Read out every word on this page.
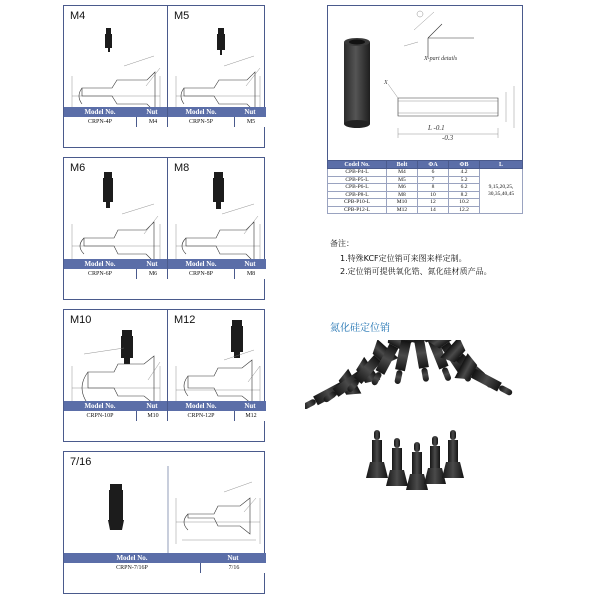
M4
Model No.	Nut
CRPN-4P	M4
M5
Model No.	Nut
CRPN-5P	M5
M6
Model No.	Nut
CRPN-6P	M6
M8
Model No.	Nut
CRPN-8P	M8
M10
Model No.	Nut
CRPN-10P	M10
M12
Model No.	Nut
CRPN-12P	M12
7/16
Model No.	Nut
CRPN-7/16P	7/16
X-part details
X
L -0.1
-0.3
Codel No.	Bolt	ΦA	ΦB	L
CPB-P4-L	M4	6	4.2	9,15,20,25,
30,35,40,45
CPB-P5-L	M5	7	5.2	
CPB-P6-L	M6	8	6.2	
CPB-P8-L	M8	10	8.2	
CPB-P10-L	M10	12	10.2	
CPB-P12-L	M12	14	12.2	
备注：
1.特殊KCF定位销可来图来样定制。
2.定位销可提供氧化锆、氮化硅材质产品。
氮化硅定位销
